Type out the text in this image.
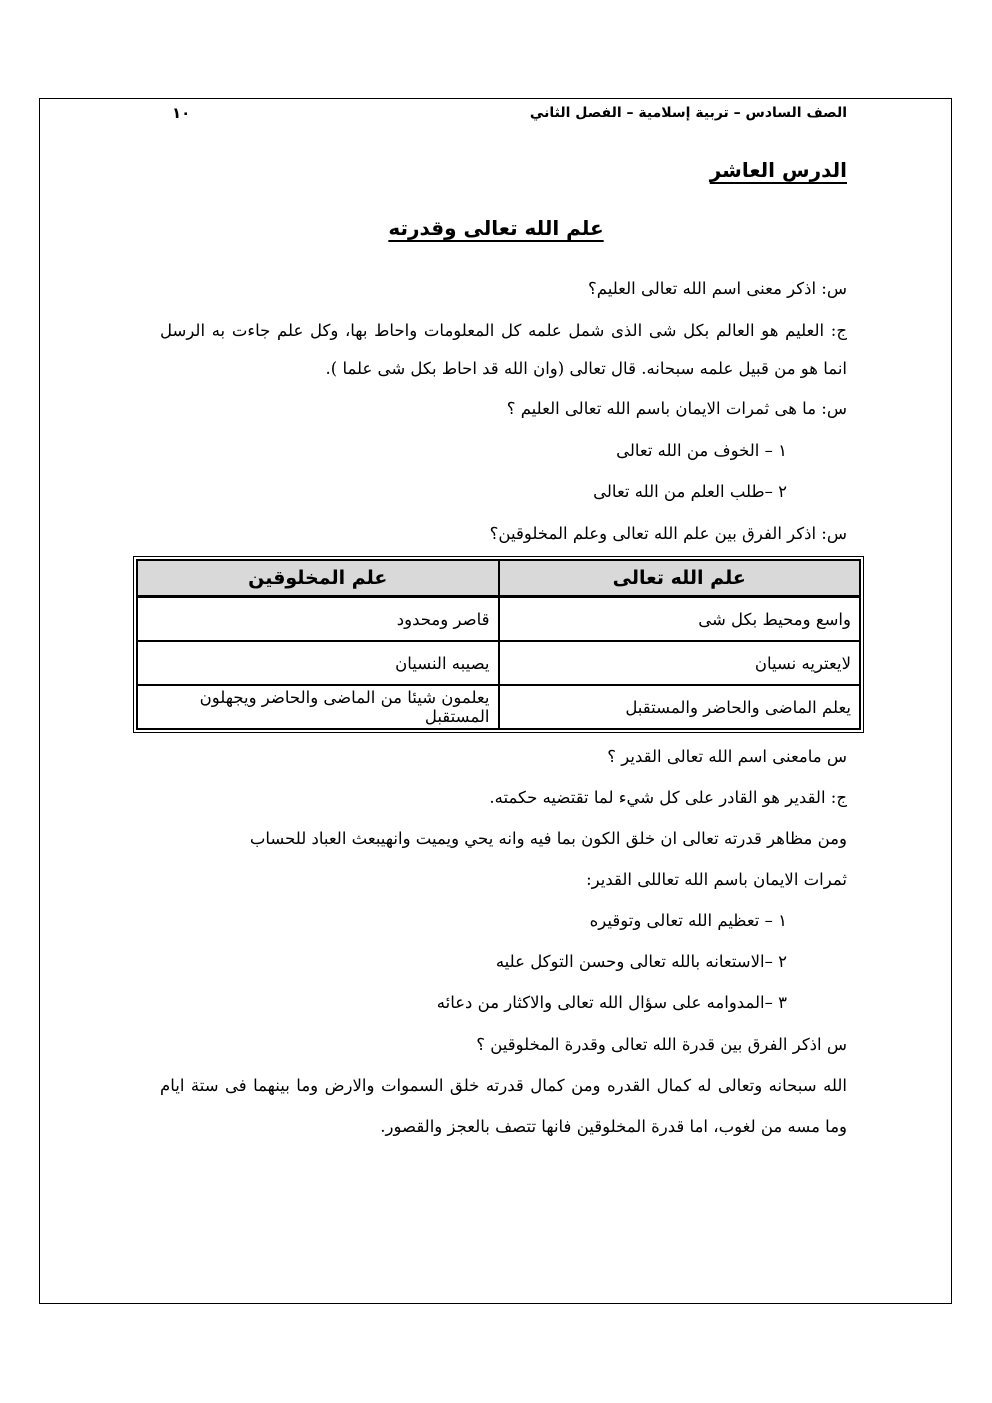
الصف السادس – تربية إسلامية – الفصل الثاني
١٠
الدرس العاشر
علم الله تعالى وقدرته
س: اذكر معنى اسم الله تعالى العليم؟
ج: العليم هو العالم بكل شى الذى شمل علمه كل المعلومات واحاط بها، وكل علم جاءت به الرسل
انما هو من قبيل علمه سبحانه. قال تعالى (وان الله قد احاط بكل شى علما ).
س: ما هى ثمرات الايمان باسم الله تعالى العليم ؟
١ – الخوف من الله تعالى
٢ –طلب العلم من الله تعالى
س: اذكر الفرق بين علم الله تعالى وعلم المخلوقين؟
علم الله تعالى	علم المخلوقين
واسع ومحيط بكل شى	قاصر ومحدود
لايعتريه نسيان	يصيبه النسيان
يعلم الماضى والحاضر والمستقبل	يعلمون شيئا من الماضى والحاضر ويجهلون المستقبل
س مامعنى اسم الله تعالى القدير ؟
ج: القدير هو القادر على كل شيء لما تقتضيه حكمته.
ومن مظاهر قدرته تعالى ان خلق الكون بما فيه وانه يحي ويميت وانهيبعث العباد للحساب
ثمرات الايمان باسم الله تعاللى القدير:
١ – تعظيم الله تعالى وتوقيره
٢ –الاستعانه بالله تعالى وحسن التوكل عليه
٣ –المدوامه على سؤال الله تعالى والاكثار من دعائه
س اذكر الفرق بين قدرة الله تعالى وقدرة المخلوقين ؟
الله سبحانه وتعالى له كمال القدره ومن كمال قدرته خلق السموات والارض وما بينهما فى ستة ايام
وما مسه من لغوب، اما قدرة المخلوقين فانها تتصف بالعجز والقصور.
